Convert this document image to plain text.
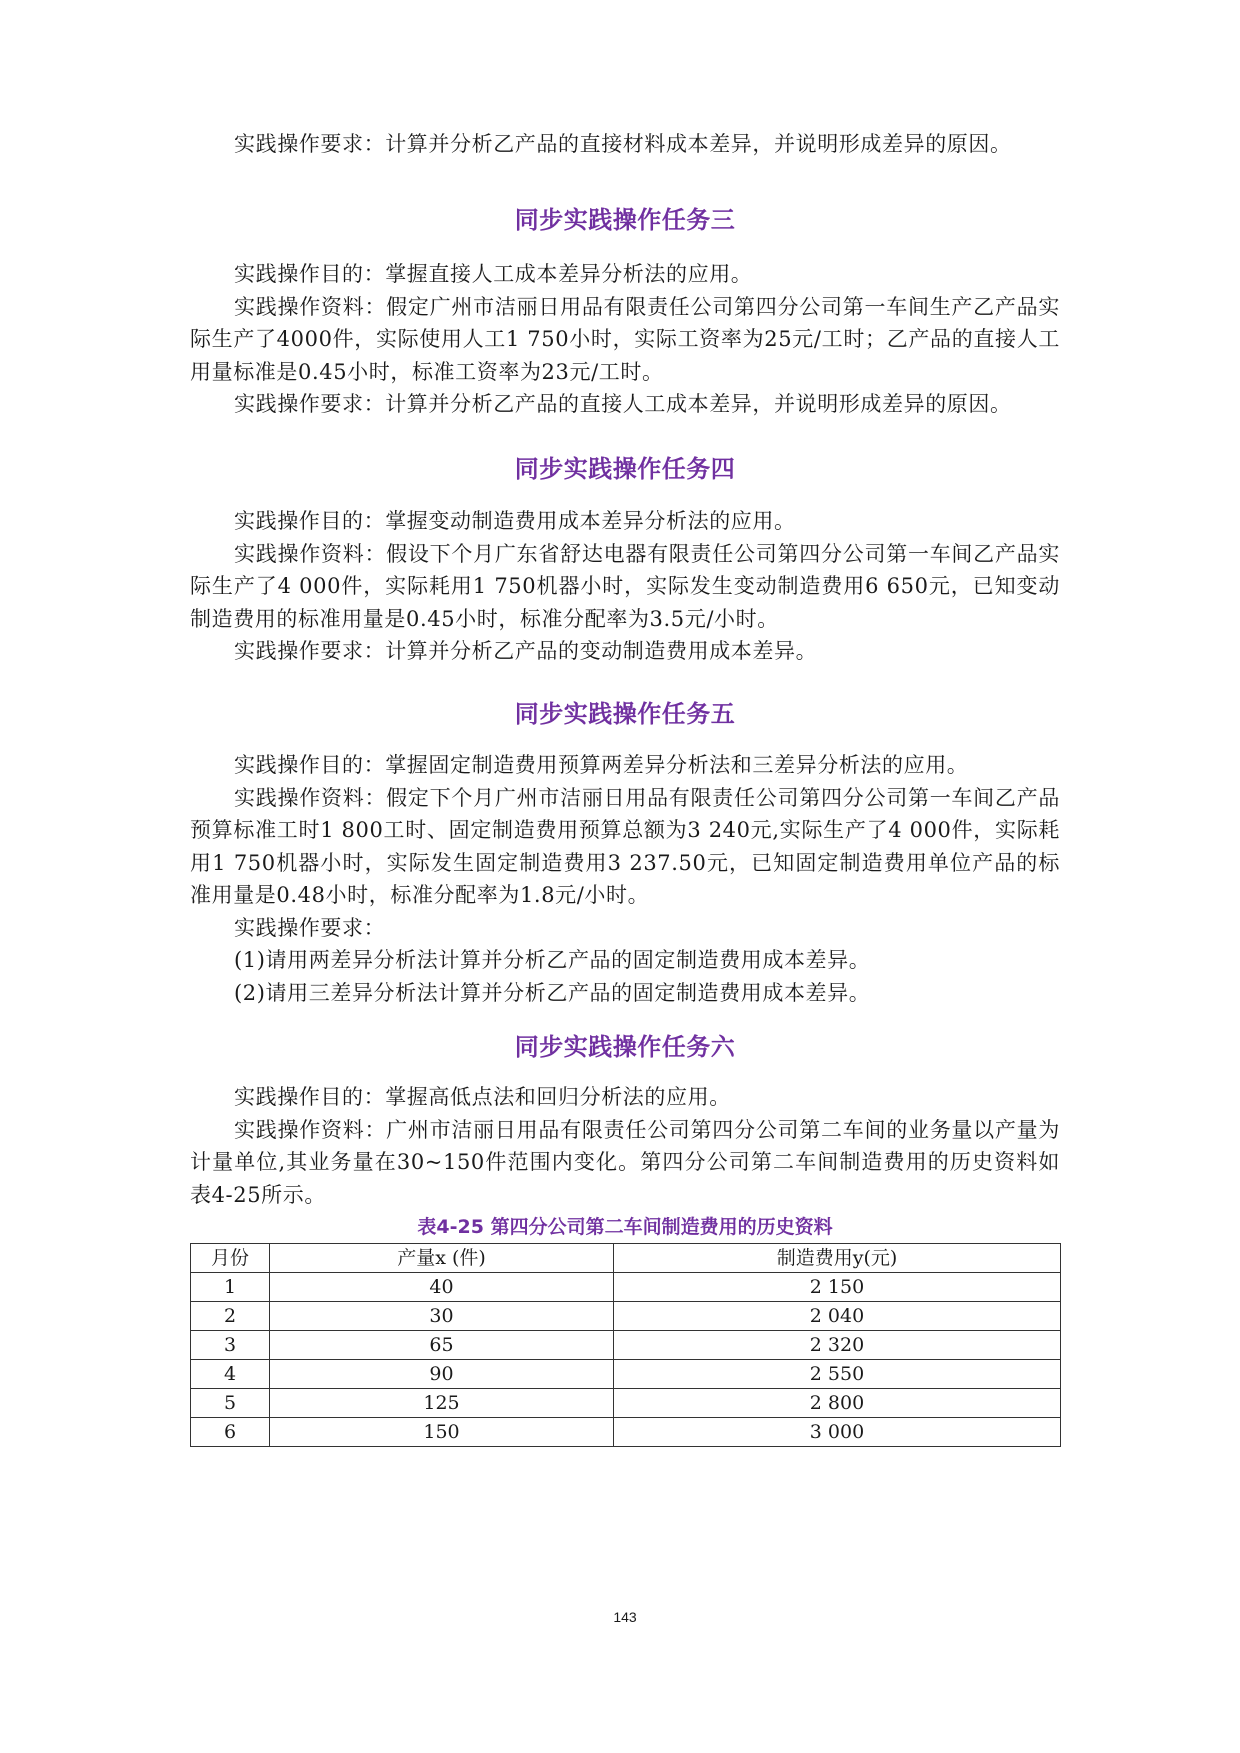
实践操作要求：计算并分析乙产品的直接材料成本差异，并说明形成差异的原因。

同步实践操作任务三

实践操作目的：掌握直接人工成本差异分析法的应用。

实践操作资料：假定广州市洁丽日用品有限责任公司第四分公司第一车间生产乙产品实际生产了4000件，实际使用人工1 750小时，实际工资率为25元/工时；乙产品的直接人工用量标准是0.45小时，标准工资率为23元/工时。

实践操作要求：计算并分析乙产品的直接人工成本差异，并说明形成差异的原因。

同步实践操作任务四

实践操作目的：掌握变动制造费用成本差异分析法的应用。

实践操作资料：假设下个月广东省舒达电器有限责任公司第四分公司第一车间乙产品实际生产了4 000件，实际耗用1 750机器小时，实际发生变动制造费用6 650元，已知变动制造费用的标准用量是0.45小时，标准分配率为3.5元/小时。

实践操作要求：计算并分析乙产品的变动制造费用成本差异。

同步实践操作任务五

实践操作目的：掌握固定制造费用预算两差异分析法和三差异分析法的应用。

实践操作资料：假定下个月广州市洁丽日用品有限责任公司第四分公司第一车间乙产品预算标准工时1 800工时、固定制造费用预算总额为3 240元,实际生产了4 000件，实际耗用1 750机器小时，实际发生固定制造费用3 237.50元，已知固定制造费用单位产品的标准用量是0.48小时，标准分配率为1.8元/小时。

实践操作要求：

(1)请用两差异分析法计算并分析乙产品的固定制造费用成本差异。

(2)请用三差异分析法计算并分析乙产品的固定制造费用成本差异。

同步实践操作任务六

实践操作目的：掌握高低点法和回归分析法的应用。

实践操作资料：广州市洁丽日用品有限责任公司第四分公司第二车间的业务量以产量为计量单位,其业务量在30~150件范围内变化。第四分公司第二车间制造费用的历史资料如表4-25所示。

表4-25 第四分公司第二车间制造费用的历史资料

月份	产量x (件)	制造费用y(元)
1	40	2 150
2	30	2 040
3	65	2 320
4	90	2 550
5	125	2 800
6	150	3 000

143
